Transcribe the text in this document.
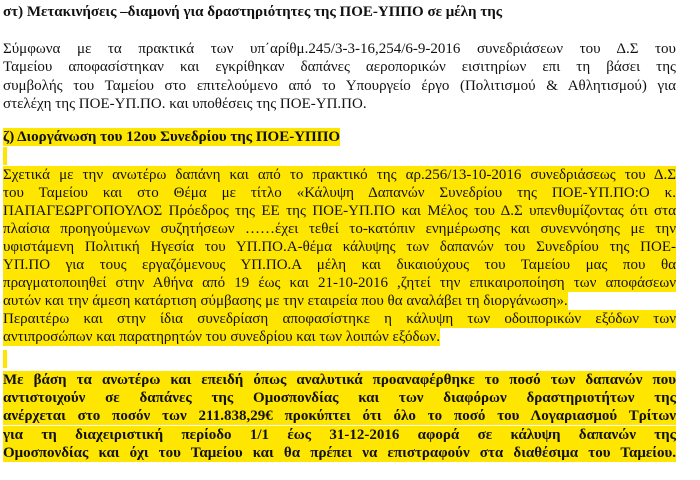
στ) Μετακινήσεις –διαμονή για δραστηριότητες της ΠΟΕ-ΥΠΠΟ σε μέλη της
Σύμφωνα με τα πρακτικά των υπ΄αρίθμ.245/3-3-16,254/6-9-2016 συνεδριάσεων του Δ.Σ του
Ταμείου αποφασίστηκαν και εγκρίθηκαν δαπάνες αεροπορικών εισιτηρίων επι τη βάσει της
συμβολής του Ταμείου στο επιτελούμενο από το Υπουργείο έργο (Πολιτισμού & Αθλητισμού) για
στελέχη της ΠΟΕ-ΥΠ.ΠΟ. και υποθέσεις της ΠΟΕ-ΥΠ.ΠΟ.
ζ) Διοργάνωση του 12ου Συνεδρίου της ΠΟΕ-ΥΠΠΟ
Σχετικά με την ανωτέρω δαπάνη και από το πρακτικό της αρ.256/13-10-2016 συνεδριάσεως του Δ.Σ
του Ταμείου και στο Θέμα με τίτλο «Κάλυψη Δαπανών Συνεδρίου της ΠΟΕ-ΥΠ.ΠΟ:Ο κ.
ΠΑΠΑΓΕΩΡΓΟΠΟΥΛΟΣ Πρόεδρος της ΕΕ της ΠΟΕ-ΥΠ.ΠΟ και Μέλος του Δ.Σ υπενθυμίζοντας ότι στα
πλαίσια προηγούμενων συζητήσεων ……έχει τεθεί το-κατόπιν ενημέρωσης και συνεννόησης με την
υφιστάμενη Πολιτική Ηγεσία του ΥΠ.ΠΟ.Α-θέμα κάλυψης των δαπανών του Συνεδρίου της ΠΟΕ-
ΥΠ.ΠΟ για τους εργαζόμενους ΥΠ.ΠΟ.Α μέλη και δικαιούχους του Ταμείου μας που θα
πραγματοποιηθεί στην Αθήνα από 19 έως και 21-10-2016 ,ζητεί την επικαιροποίηση των αποφάσεων
αυτών και την άμεση κατάρτιση σύμβασης με την εταιρεία που θα αναλάβει τη διοργάνωση».
Περαιτέρω και στην ίδια συνεδρίαση αποφασίστηκε η κάλυψη των οδοιπορικών εξόδων των
αντιπροσώπων και παρατηρητών του συνεδρίου και των λοιπών εξόδων.
Με βάση τα ανωτέρω και επειδή όπως αναλυτικά προαναφέρθηκε το ποσό των δαπανών που
αντιστοιχούν σε δαπάνες της Ομοσπονδίας και των διαφόρων δραστηριοτήτων της
ανέρχεται στο ποσόν των 211.838,29€ προκύπτει ότι όλο το ποσό του Λογαριασμού Τρίτων
για τη διαχειριστική περίοδο 1/1 έως 31-12-2016 αφορά σε κάλυψη δαπανών της
Ομοσπονδίας και όχι του Ταμείου και θα πρέπει να επιστραφούν στα διαθέσιμα του Ταμείου.
